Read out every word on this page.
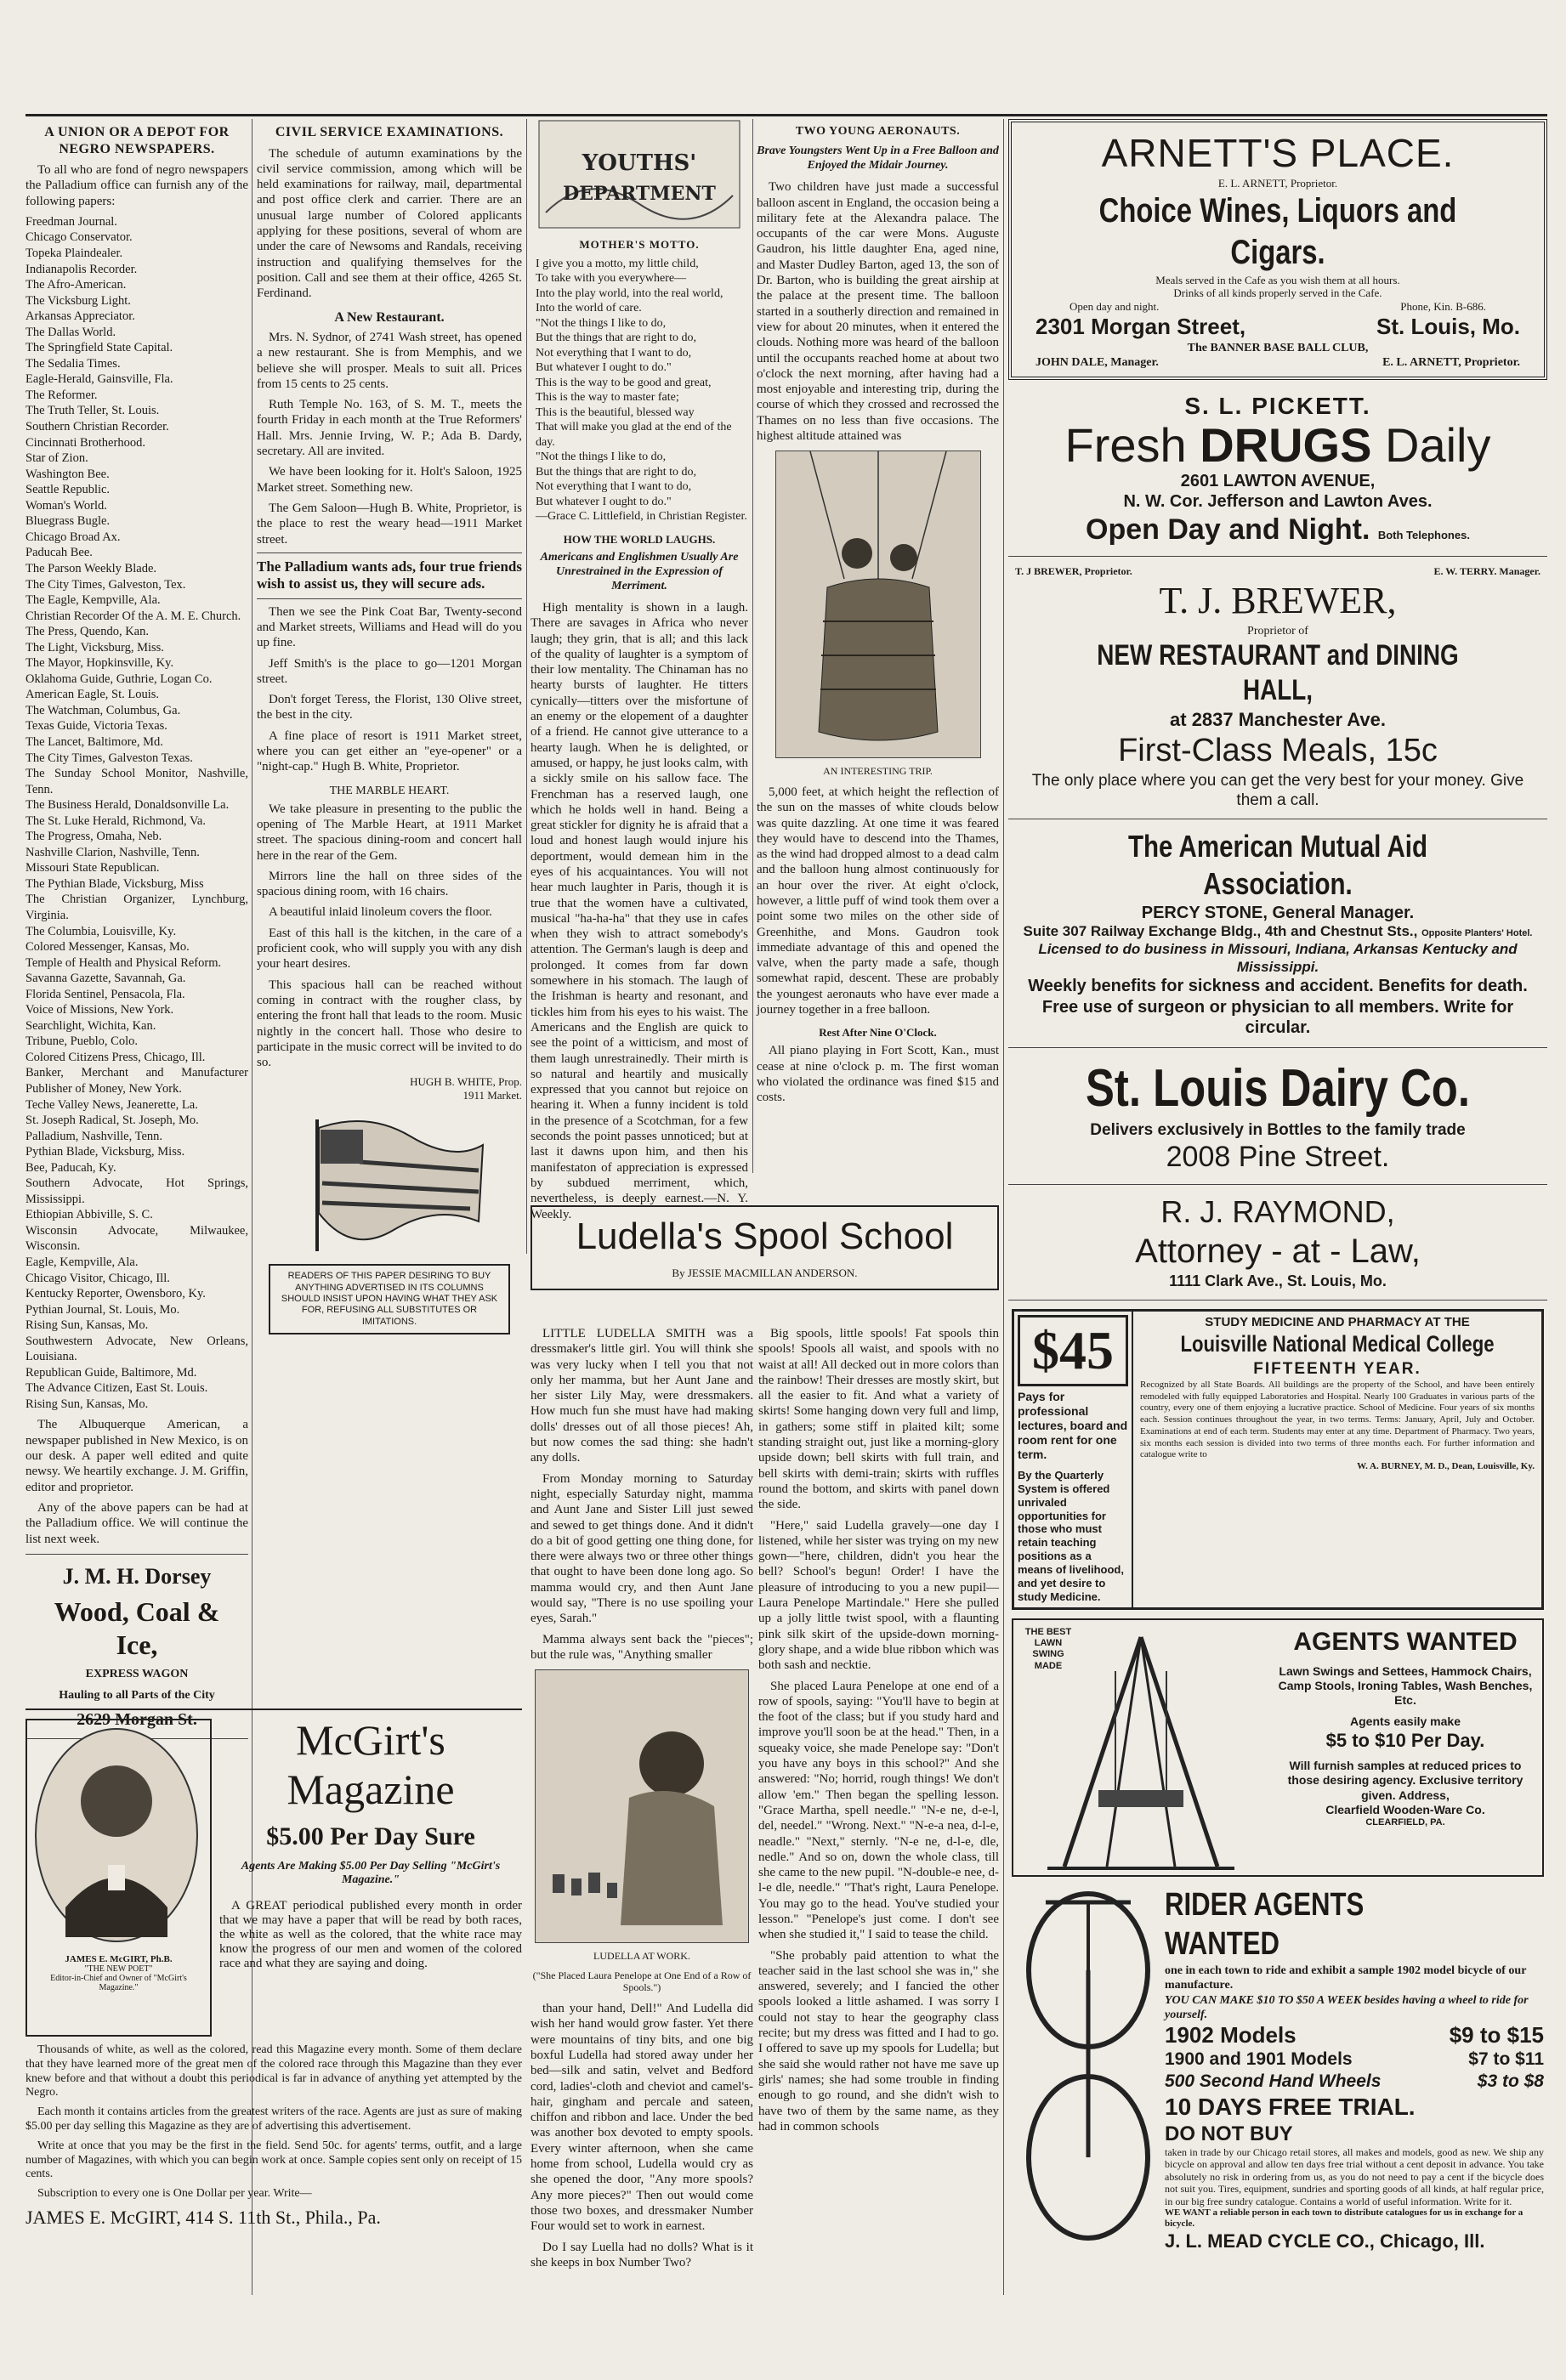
A UNION OR A DEPOT FOR NEGRO NEWSPAPERS.

To all who are fond of negro newspapers the Palladium office can furnish any of the following papers:

Freedman Journal.
Chicago Conservator.
Topeka Plaindealer.
Indianapolis Recorder.
The Afro-American.
The Vicksburg Light.
Arkansas Appreciator.
The Dallas World.
The Springfield State Capital.
The Sedalia Times.
Eagle-Herald, Gainsville, Fla.
The Reformer.
The Truth Teller, St. Louis.
Southern Christian Recorder.
Cincinnati Brotherhood.
Star of Zion.
Washington Bee.
Seattle Republic.
Woman's World.
Bluegrass Bugle.
Chicago Broad Ax.
Paducah Bee.
The Parson Weekly Blade.
The City Times, Galveston, Tex.
The Eagle, Kempville, Ala.
Christian Recorder Of the A. M. E. Church.
The Press, Quendo, Kan.
The Light, Vicksburg, Miss.
The Mayor, Hopkinsville, Ky.
Oklahoma Guide, Guthrie, Logan Co.
American Eagle, St. Louis.
The Watchman, Columbus, Ga.
Texas Guide, Victoria Texas.
The Lancet, Baltimore, Md.
The City Times, Galveston Texas.
The Sunday School Monitor, Nashville, Tenn.
The Business Herald, Donaldsonville La.
The St. Luke Herald, Richmond, Va.
The Progress, Omaha, Neb.
Nashville Clarion, Nashville, Tenn.
Missouri State Republican.
The Pythian Blade, Vicksburg, Miss
The Christian Organizer, Lynchburg, Virginia.
The Columbia, Louisville, Ky.
Colored Messenger, Kansas, Mo.
Temple of Health and Physical Reform.
Savanna Gazette, Savannah, Ga.
Florida Sentinel, Pensacola, Fla.
Voice of Missions, New York.
Searchlight, Wichita, Kan.
Tribune, Pueblo, Colo.
Colored Citizens Press, Chicago, Ill.
Banker, Merchant and Manufacturer Publisher of Money, New York.
Teche Valley News, Jeanerette, La.
St. Joseph Radical, St. Joseph, Mo.
Palladium, Nashville, Tenn.
Pythian Blade, Vicksburg, Miss.
Bee, Paducah, Ky.
Southern Advocate, Hot Springs, Mississippi.
Ethiopian Abbiville, S. C.
Wisconsin Advocate, Milwaukee, Wisconsin.
Eagle, Kempville, Ala.
Chicago Visitor, Chicago, Ill.
Kentucky Reporter, Owensboro, Ky.
Pythian Journal, St. Louis, Mo.
Rising Sun, Kansas, Mo.
Southwestern Advocate, New Orleans, Louisiana.
Republican Guide, Baltimore, Md.
The Advance Citizen, East St. Louis.
Rising Sun, Kansas, Mo.

The Albuquerque American, a newspaper published in New Mexico, is on our desk. A paper well edited and quite newsy. We heartily exchange. J. M. Griffin, editor and proprietor.

Any of the above papers can be had at the Palladium office. We will continue the list next week.

J. M. H. Dorsey
Wood, Coal & Ice,
EXPRESS WAGON
Hauling to all Parts of the City
2629 Morgan St.
CIVIL SERVICE EXAMINATIONS.

The schedule of autumn examinations by the civil service commission, among which will be held examinations for railway, mail, departmental and post office clerk and carrier. There are an unusual large number of Colored applicants applying for these positions, several of whom are under the care of Newsoms and Randals, receiving instruction and qualifying themselves for the position. Call and see them at their office, 4265 St. Ferdinand.

A New Restaurant.

Mrs. N. Sydnor, of 2741 Wash street, has opened a new restaurant. She is from Memphis, and we believe she will prosper. Meals to suit all. Prices from 15 cents to 25 cents.

Ruth Temple No. 163, of S. M. T., meets the fourth Friday in each month at the True Reformers' Hall. Mrs. Jennie Irving, W. P.; Ada B. Dardy, secretary. All are invited.

We have been looking for it. Holt's Saloon, 1925 Market street. Something new.

The Gem Saloon—Hugh B. White, Proprietor, is the place to rest the weary head—1911 Market street.

The Palladium wants ads, four true friends wish to assist us, they will secure ads.

Then we see the Pink Coat Bar, Twenty-second and Market streets, Williams and Head will do you up fine.

Jeff Smith's is the place to go—1201 Morgan street.

Don't forget Teress, the Florist, 130 Olive street, the best in the city.

A fine place of resort is 1911 Market street, where you can get either an "eye-opener" or a "night-cap." Hugh B. White, Proprietor.

THE MARBLE HEART.

We take pleasure in presenting to the public the opening of The Marble Heart, at 1911 Market street. The spacious dining-room and concert hall here in the rear of the Gem.

Mirrors line the hall on three sides of the spacious dining room, with 16 chairs.

A beautiful inlaid linoleum covers the floor.

East of this hall is the kitchen, in the care of a proficient cook, who will supply you with any dish your heart desires.

This spacious hall can be reached without coming in contract with the rougher class, by entering the front hall that leads to the room. Music nightly in the concert hall. Those who desire to participate in the music correct will be invited to do so.

HUGH B. WHITE, Prop.
1911 Market.
READERS OF THIS PAPER DESIRING TO BUY ANYTHING ADVERTISED IN ITS COLUMNS SHOULD INSIST UPON HAVING WHAT THEY ASK FOR, REFUSING ALL SUBSTITUTES OR IMITATIONS.
YOUTHS'
DEPARTMENT
MOTHER'S MOTTO.
I give you a motto, my little child,
To take with you everywhere—
Into the play world, into the real world,
Into the world of care.
"Not the things I like to do,
But the things that are right to do,
Not everything that I want to do,
But whatever I ought to do."
This is the way to be good and great,
This is the way to master fate;
This is the beautiful, blessed way
That will make you glad at the end of the day.
"Not the things I like to do,
But the things that are right to do,
Not everything that I want to do,
But whatever I ought to do."
—Grace C. Littlefield, in Christian Register.
HOW THE WORLD LAUGHS.
Americans and Englishmen Usually Are Unrestrained in the Expression of Merriment.

High mentality is shown in a laugh. There are savages in Africa who never laugh; they grin, that is all; and this lack of the quality of laughter is a symptom of their low mentality. The Chinaman has no hearty bursts of laughter. He titters cynically—titters over the misfortune of an enemy or the elopement of a daughter of a friend. He cannot give utterance to a hearty laugh. When he is delighted, or amused, or happy, he just looks calm, with a sickly smile on his sallow face. The Frenchman has a reserved laugh, one which he holds well in hand. Being a great stickler for dignity he is afraid that a loud and honest laugh would injure his deportment, would demean him in the eyes of his acquaintances. You will not hear much laughter in Paris, though it is true that the women have a cultivated, musical "ha-ha-ha" that they use in cafes when they wish to attract somebody's attention. The German's laugh is deep and prolonged. It comes from far down somewhere in his stomach. The laugh of the Irishman is hearty and resonant, and tickles him from his eyes to his waist. The Americans and the English are quick to see the point of a witticism, and most of them laugh unrestrainedly. Their mirth is so natural and heartily and musically expressed that you cannot but rejoice on hearing it. When a funny incident is told in the presence of a Scotchman, for a few seconds the point passes unnoticed; but at last it dawns upon him, and then his manifestaton of appreciation is expressed by subdued merriment, which, nevertheless, is deeply earnest.—N. Y. Weekly.

TWO YOUNG AERONAUTS.
Brave Youngsters Went Up in a Free Balloon and Enjoyed the Midair Journey.

Two children have just made a successful balloon ascent in England, the occasion being a military fete at the Alexandra palace. The occupants of the car were Mons. Auguste Gaudron, his little daughter Ena, aged nine, and Master Dudley Barton, aged 13, the son of Dr. Barton, who is building the great airship at the palace at the present time. The balloon started in a southerly direction and remained in view for about 20 minutes, when it entered the clouds. Nothing more was heard of the balloon until the occupants reached home at about two o'clock the next morning, after having had a most enjoyable and interesting trip, during the course of which they crossed and recrossed the Thames on no less than five occasions. The highest altitude attained was

AN INTERESTING TRIP.

5,000 feet, at which height the reflection of the sun on the masses of white clouds below was quite dazzling. At one time it was feared they would have to descend into the Thames, as the wind had dropped almost to a dead calm and the balloon hung almost continuously for an hour over the river. At eight o'clock, however, a little puff of wind took them over a point some two miles on the other side of Greenhithe, and Mons. Gaudron took immediate advantage of this and opened the valve, when the party made a safe, though somewhat rapid, descent. These are probably the youngest aeronauts who have ever made a journey together in a free balloon.

Rest After Nine O'Clock.

All piano playing in Fort Scott, Kan., must cease at nine o'clock p. m. The first woman who violated the ordinance was fined $15 and costs.

Ludella's Spool School
By JESSIE MACMILLAN ANDERSON.

LITTLE LUDELLA SMITH was a dressmaker's little girl. You will think she was very lucky when I tell you that not only her mamma, but her Aunt Jane and her sister Lily May, were dressmakers. How much fun she must have had making dolls' dresses out of all those pieces! Ah, but now comes the sad thing: she hadn't any dolls.

From Monday morning to Saturday night, especially Saturday night, mamma and Aunt Jane and Sister Lill just sewed and sewed to get things done. And it didn't do a bit of good getting one thing done, for there were always two or three other things that ought to have been done long ago. So mamma would cry, and then Aunt Jane would say, "There is no use spoiling your eyes, Sarah."

Mamma always sent back the "pieces"; but the rule was, "Anything smaller

LUDELLA AT WORK.
("She Placed Laura Penelope at One End of a Row of Spools.")

than your hand, Dell!" And Ludella did wish her hand would grow faster. Yet there were mountains of tiny bits, and one big boxful Ludella had stored away under her bed—silk and satin, velvet and Bedford cord, ladies'-cloth and cheviot and camel's-hair, gingham and percale and sateen, chiffon and ribbon and lace. Under the bed was another box devoted to empty spools. Every winter afternoon, when she came home from school, Ludella would cry as she opened the door, "Any more spools? Any more pieces?" Then out would come those two boxes, and dressmaker Number Four would set to work in earnest.

Do I say Luella had no dolls? What is it she keeps in box Number Two?

Big spools, little spools! Fat spools thin spools! Spools all waist, and spools with no waist at all! All decked out in more colors than the rainbow! Their dresses are mostly skirt, but all the easier to fit. And what a variety of skirts! Some hanging down very full and limp, in gathers; some stiff in plaited kilt; some standing straight out, just like a morning-glory upside down; bell skirts with full train, and bell skirts with demi-train; skirts with ruffles round the bottom, and skirts with panel down the side.

"Here," said Ludella gravely—one day I listened, while her sister was trying on my new gown—"here, children, didn't you hear the bell? School's begun! Order! I have the pleasure of introducing to you a new pupil—Laura Penelope Martindale." Here she pulled up a jolly little twist spool, with a flaunting pink silk skirt of the upside-down morning-glory shape, and a wide blue ribbon which was both sash and necktie.

She placed Laura Penelope at one end of a row of spools, saying: "You'll have to begin at the foot of the class; but if you study hard and improve you'll soon be at the head." Then, in a squeaky voice, she made Penelope say: "Don't you have any boys in this school?" And she answered: "No; horrid, rough things! We don't allow 'em." Then began the spelling lesson. "Grace Martha, spell needle." "N-e ne, d-e-l, del, needel." "Wrong. Next." "N-e-a nea, d-l-e, neadle." "Next," sternly. "N-e ne, d-l-e, dle, nedle." And so on, down the whole class, till she came to the new pupil. "N-double-e nee, d-l-e dle, needle." "That's right, Laura Penelope. You may go to the head. You've studied your lesson." "Penelope's just come. I don't see when she studied it," I said to tease the child.

"She probably paid attention to what the teacher said in the last school she was in," she answered, severely; and I fancied the other spools looked a little ashamed. I was sorry I could not stay to hear the geography class recite; but my dress was fitted and I had to go. I offered to save up my spools for Ludella; but she said she would rather not have me save up girls' names; she had some trouble in finding enough to go round, and she didn't wish to have two of them by the same name, as they had in common schools

JAMES E. McGIRT, Ph.B.
"THE NEW POET"
Editor-in-Chief and Owner of "McGirt's Magazine."
McGirt's
Magazine
$5.00 Per Day Sure
Agents Are Making $5.00 Per Day Selling "McGirt's Magazine."

A GREAT periodical published every month in order that we may have a paper that will be read by both races, the white as well as the colored, that the white race may know the progress of our men and women of the colored race and what they are saying and doing.

Thousands of white, as well as the colored, read this Magazine every month. Some of them declare that they have learned more of the great men of the colored race through this Magazine than they ever knew before and that without a doubt this periodical is far in advance of anything yet attempted by the Negro.

Each month it contains articles from the greatest writers of the race. Agents are just as sure of making $5.00 per day selling this Magazine as they are of advertising this advertisement.

Write at once that you may be the first in the field. Send 50c. for agents' terms, outfit, and a large number of Magazines, with which you can begin work at once. Sample copies sent only on receipt of 15 cents.

Subscription to every one is One Dollar per year. Write—

JAMES E. McGIRT, 414 S. 11th St., Phila., Pa.
ARNETT'S PLACE.
E. L. ARNETT, Proprietor.
Choice Wines, Liquors and Cigars.
Meals served in the Cafe as you wish them at all hours.
Drinks of all kinds properly served in the Cafe.
Open day and night.	Phone, Kin. B-686.
2301 Morgan Street,	St. Louis, Mo.
The BANNER BASE BALL CLUB,
JOHN DALE, Manager.	E. L. ARNETT, Proprietor.
S. L. PICKETT.
Fresh DRUGS Daily
2601 LAWTON AVENUE,
N. W. Cor. Jefferson and Lawton Aves.
Open Day and Night. Both Telephones.
T. J BREWER, Proprietor.	E. W. TERRY. Manager.
T. J. BREWER,
Proprietor of
NEW RESTAURANT and DINING HALL,
at 2837 Manchester Ave.
First-Class Meals, 15c
The only place where you can get the very best for your money. Give them a call.
The American Mutual Aid Association.
PERCY STONE, General Manager.
Suite 307 Railway Exchange Bldg., 4th and Chestnut Sts., Opposite Planters' Hotel.
Licensed to do business in Missouri, Indiana, Arkansas Kentucky and Mississippi.
Weekly benefits for sickness and accident. Benefits for death.
Free use of surgeon or physician to all members. Write for circular.
St. Louis Dairy Co.
Delivers exclusively in Bottles to the family trade
2008 Pine Street.
R. J. RAYMOND,
Attorney - at - Law,
1111 Clark Ave., St. Louis, Mo.
$45
Pays for professional lectures, board and room rent for one term.
By the Quarterly System is offered unrivaled opportunities for those who must retain teaching positions as a means of livelihood, and yet desire to study Medicine.
STUDY MEDICINE AND PHARMACY AT THE
Louisville National Medical College
FIFTEENTH YEAR.
Recognized by all State Boards. All buildings are the property of the School, and have been entirely remodeled with fully equipped Laboratories and Hospital. Nearly 100 Graduates in various parts of the country, every one of them enjoying a lucrative practice. School of Medicine. Four years of six months each. Session continues throughout the year, in two terms. Terms: January, April, July and October. Examinations at end of each term. Students may enter at any time. Department of Pharmacy. Two years, six months each session is divided into two terms of three months each. For further information and catalogue write to
W. A. BURNEY, M. D., Dean, Louisville, Ky.
THE BEST LAWN SWING MADE
AGENTS WANTED
Lawn Swings and Settees, Hammock Chairs, Camp Stools, Ironing Tables, Wash Benches, Etc.
Agents easily make
$5 to $10 Per Day.
Will furnish samples at reduced prices to those desiring agency. Exclusive territory given. Address,
Clearfield Wooden-Ware Co.
CLEARFIELD, PA.
RIDER AGENTS WANTED
one in each town to ride and exhibit a sample 1902 model bicycle of our manufacture.
YOU CAN MAKE $10 TO $50 A WEEK besides having a wheel to ride for yourself.
1902 Models	$9 to $15
1900 and 1901 Models	$7 to $11
500 Second Hand Wheels	$3 to $8
10 DAYS FREE TRIAL.
DO NOT BUY
taken in trade by our Chicago retail stores, all makes and models, good as new. We ship any bicycle on approval and allow ten days free trial without a cent deposit in advance. You take absolutely no risk in ordering from us, as you do not need to pay a cent if the bicycle does not suit you. Tires, equipment, sundries and sporting goods of all kinds, at half regular price, in our big free sundry catalogue. Contains a world of useful information. Write for it.
WE WANT a reliable person in each town to distribute catalogues for us in exchange for a bicycle.
J. L. MEAD CYCLE CO., Chicago, Ill.
